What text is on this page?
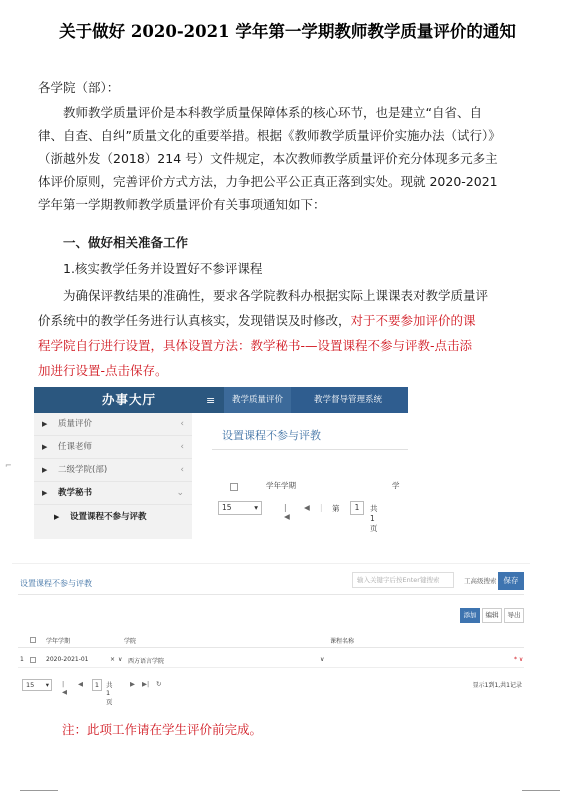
关于做好 2020-2021 学年第一学期教师教学质量评价的通知
各学院（部）：
教师教学质量评价是本科教学质量保障体系的核心环节，也是建立“自省、自
律、自查、自纠”质量文化的重要举措。根据《教师教学质量评价实施办法（试行）》
（浙越外发（2018）214 号）文件规定，本次教师教学质量评价充分体现多元多主
体评价原则，完善评价方式方法，力争把公平公正真正落到实处。现就 2020-2021
学年第一学期教师教学质量评价有关事项通知如下：
一、做好相关准备工作
1.核实教学任务并设置好不参评课程
为确保评教结果的准确性，要求各学院教科办根据实际上课课表对教学质量评
价系统中的教学任务进行认真核实，发现错误及时修改，对于不要参加评价的课
程学院自行进行设置，具体设置方法：教学秘书-—设置课程不参与评教-点击添
加进行设置-点击保存。
办事大厅	≡	教学质量评价	教学督导管理系统
▶ 质量评价	‹
▶ 任课老师	‹
▶ 二级学院(部)	‹
▶ 教学秘书	⌄
▶ 设置课程不参与评教
设置课程不参与评教
学年学期	学
15	▾	|◀
◀ | 第	1	共1页
⌐
设置课程不参与评教	输入关键字后按Enter键搜索	工高级搜索 保存
添加	编辑	导出
学年学期	学院	课程名称
1	2020-2021-01	× ∨ 西方语言学院	∨	* ∨
15 ▾ |◀
◀	1	共1页
▶ ▶| ↻	显示1到1,共1记录
注：此项工作请在学生评价前完成。
